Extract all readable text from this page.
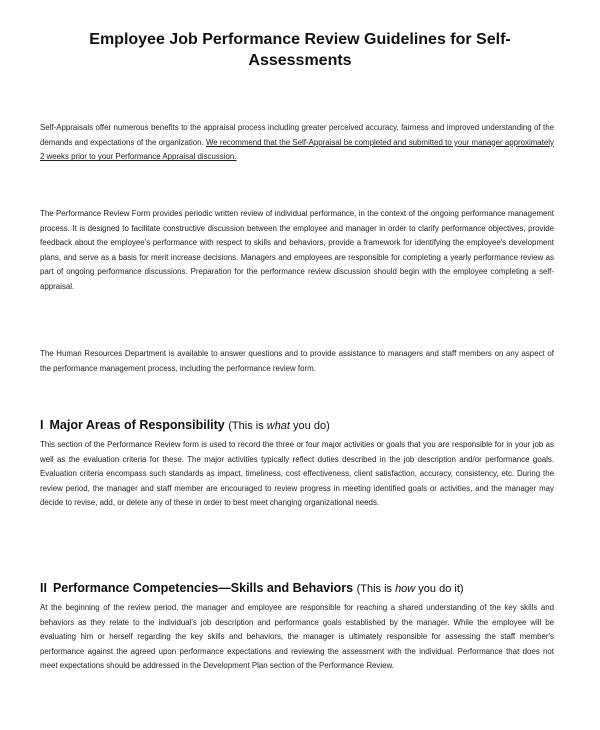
Employee Job Performance Review Guidelines for Self-Assessments

Self-Appraisals offer numerous benefits to the appraisal process including greater perceived accuracy, fairness and improved understanding of the demands and expectations of the organization. We recommend that the Self-Appraisal be completed and submitted to your manager approximately 2 weeks prior to your Performance Appraisal discussion.

The Performance Review Form provides periodic written review of individual performance, in the context of the ongoing performance management process. It is designed to facilitate constructive discussion between the employee and manager in order to clarify performance objectives, provide feedback about the employee's performance with respect to skills and behaviors, provide a framework for identifying the employee's development plans, and serve as a basis for merit increase decisions. Managers and employees are responsible for completing a yearly performance review as part of ongoing performance discussions. Preparation for the performance review discussion should begin with the employee completing a self-appraisal.

The Human Resources Department is available to answer questions and to provide assistance to managers and staff members on any aspect of the performance management process, including the performance review form.

I Major Areas of Responsibility (This is what you do)

This section of the Performance Review form is used to record the three or four major activities or goals that you are responsible for in your job as well as the evaluation criteria for these. The major activities typically reflect duties described in the job description and/or performance goals. Evaluation criteria encompass such standards as impact, timeliness, cost effectiveness, client satisfaction, accuracy, consistency, etc. During the review period, the manager and staff member are encouraged to review progress in meeting identified goals or activities, and the manager may decide to revise, add, or delete any of these in order to best meet changing organizational needs.

II Performance Competencies—Skills and Behaviors (This is how you do it)

At the beginning of the review period, the manager and employee are responsible for reaching a shared understanding of the key skills and behaviors as they relate to the individual's job description and performance goals established by the manager. While the employee will be evaluating him or herself regarding the key skills and behaviors, the manager is ultimately responsible for assessing the staff member's performance against the agreed upon performance expectations and reviewing the assessment with the individual. Performance that does not meet expectations should be addressed in the Development Plan section of the Performance Review.
